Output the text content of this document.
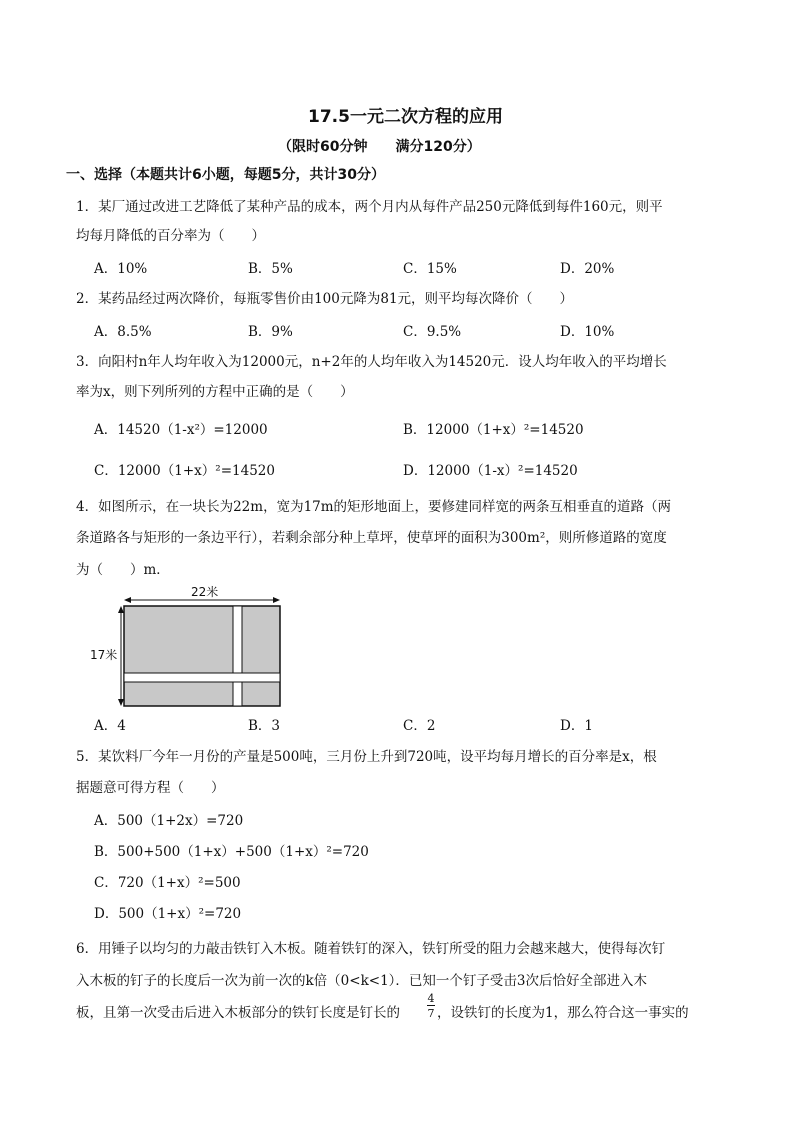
17.5一元二次方程的应用
（限时60分钟　　满分120分）
一、选择（本题共计6小题，每题5分，共计30分）
1．某厂通过改进工艺降低了某种产品的成本，两个月内从每件产品250元降低到每件160元，则平
均每月降低的百分率为（　　）
A．10%	B．5%	C．15%	D．20%
2．某药品经过两次降价，每瓶零售价由100元降为81元，则平均每次降价（　　）
A．8.5%	B．9%	C．9.5%	D．10%
3．向阳村n年人均年收入为12000元，n+2年的人均年收入为14520元．设人均年收入的平均增长
率为x，则下列所列的方程中正确的是（　　）
A．14520（1-x²）=12000	B．12000（1+x）²=14520
C．12000（1+x）²=14520	D．12000（1-x）²=14520
4．如图所示，在一块长为22m，宽为17m的矩形地面上，要修建同样宽的两条互相垂直的道路（两
条道路各与矩形的一条边平行），若剩余部分种上草坪，使草坪的面积为300m²，则所修道路的宽度
为（　　）m．
22米
17米
A．4	B．3	C．2	D．1
5．某饮料厂今年一月份的产量是500吨，三月份上升到720吨，设平均每月增长的百分率是x，根
据题意可得方程（　　）
A．500（1+2x）=720
B．500+500（1+x）+500（1+x）²=720
C．720（1+x）²=500
D．500（1+x）²=720
6．用锤子以均匀的力敲击铁钉入木板。随着铁钉的深入，铁钉所受的阻力会越来越大，使得每次钉
入木板的钉子的长度后一次为前一次的k倍（0<k<1）．已知一个钉子受击3次后恰好全部进入木
板，且第一次受击后进入木板部分的铁钉长度是钉长的
4
7 ，设铁钉的长度为1，那么符合这一事实的
